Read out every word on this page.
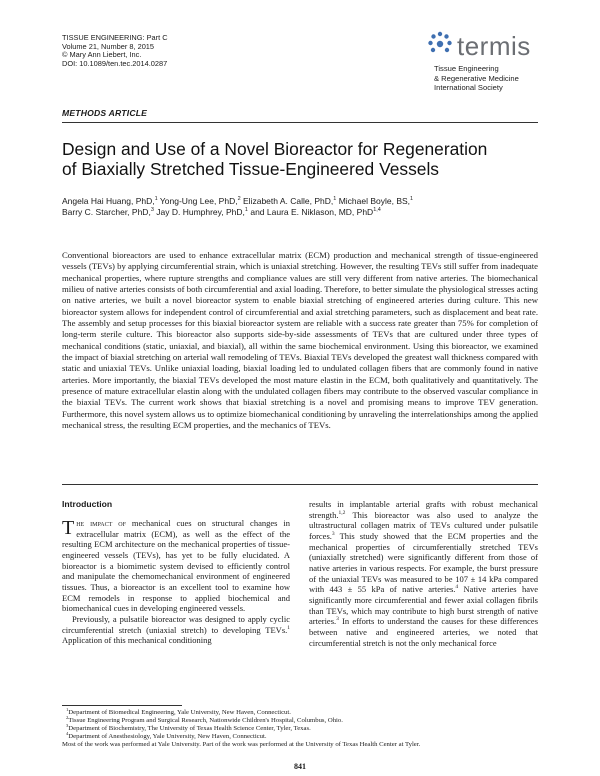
TISSUE ENGINEERING: Part C
Volume 21, Number 8, 2015
© Mary Ann Liebert, Inc.
DOI: 10.1089/ten.tec.2014.0287
termis
Tissue Engineering
& Regenerative Medicine
International Society
METHODS ARTICLE
Design and Use of a Novel Bioreactor for Regeneration
of Biaxially Stretched Tissue-Engineered Vessels
Angela Hai Huang, PhD,$^1$ Yong-Ung Lee, PhD,$^2$ Elizabeth A. Calle, PhD,$^1$ Michael Boyle, BS,$^1$
Barry C. Starcher, PhD,$^3$ Jay D. Humphrey, PhD,$^1$ and Laura E. Niklason, MD, PhD$^{1,4}$
Conventional bioreactors are used to enhance extracellular matrix (ECM) production and mechanical strength of tissue-engineered vessels (TEVs) by applying circumferential strain, which is uniaxial stretching. However, the resulting TEVs still suffer from inadequate mechanical properties, where rupture strengths and compliance values are still very different from native arteries. The biomechanical milieu of native arteries consists of both circumferential and axial loading. Therefore, to better simulate the physiological stresses acting on native arteries, we built a novel bioreactor system to enable biaxial stretching of engineered arteries during culture. This new bioreactor system allows for independent control of circumferential and axial stretching parameters, such as displacement and beat rate. The assembly and setup processes for this biaxial bioreactor system are reliable with a success rate greater than 75% for completion of long-term sterile culture. This bioreactor also supports side-by-side assessments of TEVs that are cultured under three types of mechanical conditions (static, uniaxial, and biaxial), all within the same biochemical environment. Using this bioreactor, we examined the impact of biaxial stretching on arterial wall remodeling of TEVs. Biaxial TEVs developed the greatest wall thickness compared with static and uniaxial TEVs. Unlike uniaxial loading, biaxial loading led to undulated collagen fibers that are commonly found in native arteries. More importantly, the biaxial TEVs developed the most mature elastin in the ECM, both qualitatively and quantitatively. The presence of mature extracellular elastin along with the undulated collagen fibers may contribute to the observed vascular compliance in the biaxial TEVs. The current work shows that biaxial stretching is a novel and promising means to improve TEV generation. Furthermore, this novel system allows us to optimize biomechanical conditioning by unraveling the interrelationships among the applied mechanical stress, the resulting ECM properties, and the mechanics of TEVs.
Introduction

The impact of mechanical cues on structural changes in extracellular matrix (ECM), as well as the effect of the resulting ECM architecture on the mechanical properties of tissue-engineered vessels (TEVs), has yet to be fully elucidated. A bioreactor is a biomimetic system devised to efficiently control and manipulate the chemomechanical environment of engineered tissues. Thus, a bioreactor is an excellent tool to examine how ECM remodels in response to applied biochemical and biomechanical cues in developing engineered vessels.

Previously, a pulsatile bioreactor was designed to apply cyclic circumferential stretch (uniaxial stretch) to developing TEVs.$^1$ Application of this mechanical conditioning

results in implantable arterial grafts with robust mechanical strength.$^{1,2}$ This bioreactor was also used to analyze the ultrastructural collagen matrix of TEVs cultured under pulsatile forces.$^3$ This study showed that the ECM properties and the mechanical properties of circumferentially stretched TEVs (uniaxially stretched) were significantly different from those of native arteries in various respects. For example, the burst pressure of the uniaxial TEVs was measured to be 107 ± 14 kPa compared with 443 ± 55 kPa of native arteries.$^4$ Native arteries have significantly more circumferential and fewer axial collagen fibrils than TEVs, which may contribute to high burst strength of native arteries.$^3$ In efforts to understand the causes for these differences between native and engineered arteries, we noted that circumferential stretch is not the only mechanical force

$^1$Department of Biomedical Engineering, Yale University, New Haven, Connecticut.
$^2$Tissue Engineering Program and Surgical Research, Nationwide Children's Hospital, Columbus, Ohio.
$^3$Department of Biochemistry, The University of Texas Health Science Center, Tyler, Texas.
$^4$Department of Anesthesiology, Yale University, New Haven, Connecticut.
Most of the work was performed at Yale University. Part of the work was performed at the University of Texas Health Center at Tyler.
841
